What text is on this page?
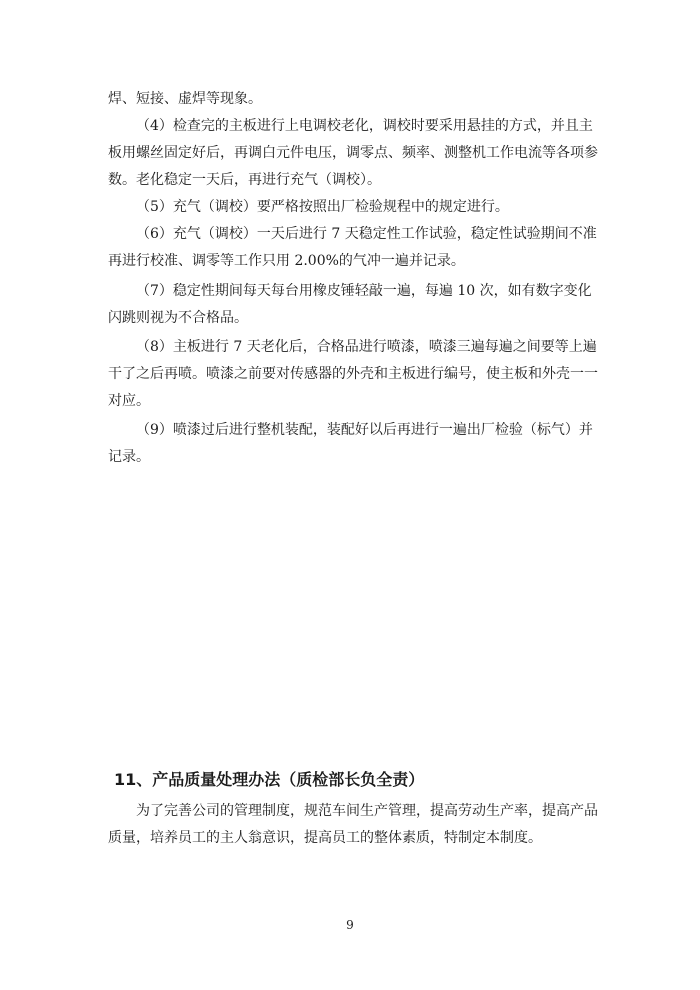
焊、短接、虚焊等现象。

（4）检查完的主板进行上电调校老化，调校时要采用悬挂的方式，并且主板用螺丝固定好后，再调白元件电压，调零点、频率、测整机工作电流等各项参数。老化稳定一天后，再进行充气（调校）。

（5）充气（调校）要严格按照出厂检验规程中的规定进行。

（6）充气（调校）一天后进行 7 天稳定性工作试验，稳定性试验期间不准再进行校准、调零等工作只用 2.00%的气冲一遍并记录。

（7）稳定性期间每天每台用橡皮锤轻敲一遍，每遍 10 次，如有数字变化闪跳则视为不合格品。

（8）主板进行 7 天老化后，合格品进行喷漆，喷漆三遍每遍之间要等上遍干了之后再喷。喷漆之前要对传感器的外壳和主板进行编号，使主板和外壳一一对应。

（9）喷漆过后进行整机装配，装配好以后再进行一遍出厂检验（标气）并记录。

11、产品质量处理办法（质检部长负全责）

为了完善公司的管理制度，规范车间生产管理，提高劳动生产率，提高产品质量，培养员工的主人翁意识，提高员工的整体素质，特制定本制度。

9
